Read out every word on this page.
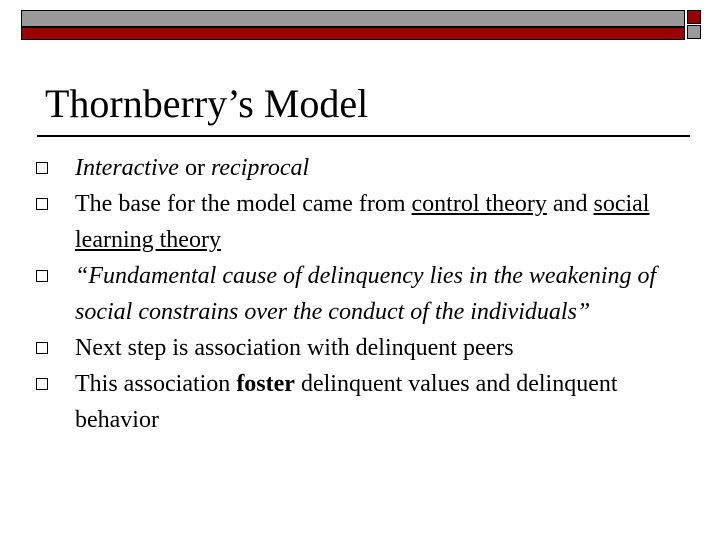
Thornberry’s Model
Interactive or reciprocal
The base for the model came from control theory and social learning theory
“Fundamental cause of delinquency lies in the weakening of social constrains over the conduct of the individuals”
Next step is association with delinquent peers
This association foster delinquent values and delinquent behavior
